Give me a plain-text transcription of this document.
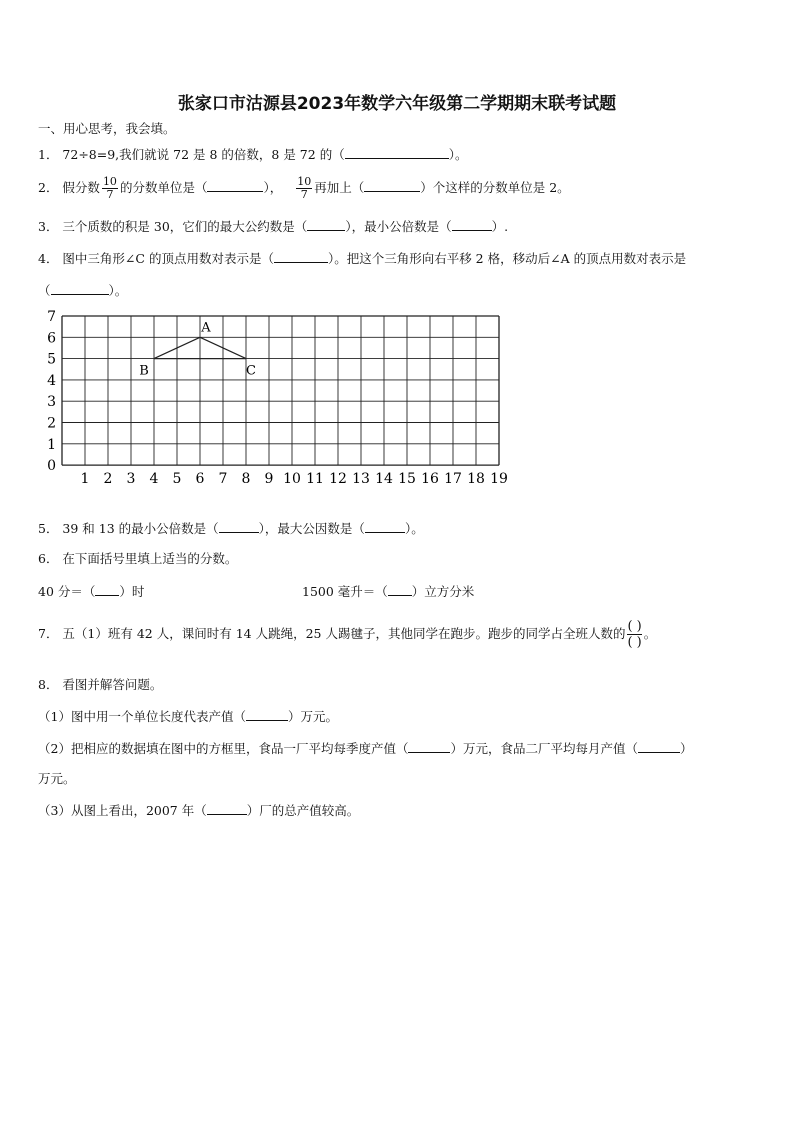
张家口市沽源县2023年数学六年级第二学期期末联考试题
一、用心思考，我会填。
1． 72÷8=9,我们就说 72 是 8 的倍数，8 是 72 的（	）。
2． 假分数 $\frac{10}{7}$ 的分数单位是（	）， $\frac{10}{7}$ 再加上（	）个这样的分数单位是 2。
3． 三个质数的积是 30，它们的最大公约数是（	），最小公倍数是（	）.
4． 图中三角形∠C 的顶点用数对表示是（	）。把这个三角形向右平移 2 格，移动后∠A 的顶点用数对表示是
（	）。
0
1
2
3
4
5
6
7
1 2 3 4 5 6 7 8 9 10 11 12 13 14 15 16 17 18 19
A
B	C
5． 39 和 13 的最小公倍数是（	），最大公因数是（	）。
6． 在下面括号里填上适当的分数。
40 分＝（ ）时	1500 毫升＝（ ）立方分米
7． 五（1）班有 42 人，课间时有 14 人跳绳，25 人踢毽子，其他同学在跑步。跑步的同学占全班人数的 $\frac{( )}{( )}$ 。
8． 看图并解答问题。
（1）图中用一个单位长度代表产值（	）万元。
（2）把相应的数据填在图中的方框里，食品一厂平均每季度产值（	）万元，食品二厂平均每月产值（	）
万元。
（3）从图上看出，2007 年（	）厂的总产值较高。
